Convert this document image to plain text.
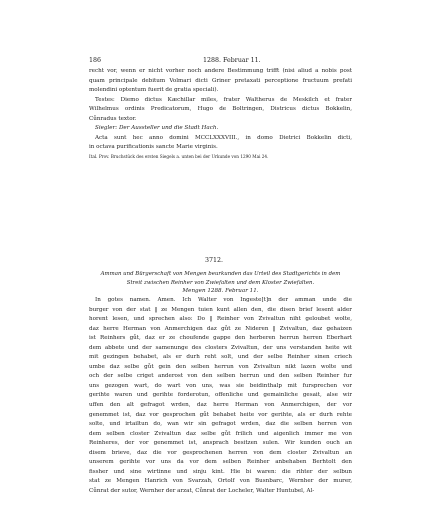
186	1288. Februar 11.
recht vor, wenn er nicht vorher noch andere Bestimmung trifft (nisi aliud a nobis post
quam principale debitum Volmari dicti Griner pretaxati perceptione fructuum prefati
molendini optentum fuerit de gratia speciali).
Testes: Diemo dictus Kæchillar miles, frater Waltherus de Meskilch et frater
Wilhelmus ordinis Predicatorum, Hugo de Boltringen, Districus dictus Bokkelin,
Cůnradus textor.
Siegler: Der Aussteller und die Stadt Hach.
Acta sunt hec anno domini MCCLXXXVIII., in domo Dietrici Bokkelin dicti,
in octava purificationis sancte Marie virginis.
Ital. Prov. Bruchstück des ersten Siegels a. unten bei der Urkunde von 1290 Mai 24.
3712.
Amman und Bürgerschaft von Mengen beurkunden das Urteil des Stadtgerichts in dem
Streit zwischen Reinher von Zwiefalten und dem Kloster Zwiefalten.
Mengen 1288. Februar 11.
In gotes namen. Amen. Ich Walter von Ingeste[t]n der amman unde die
burger von der stat ‖ ze Mengen tuien kunt allen den, die disen brief lesent alder
horent lesen, und sprechen also: Do ‖ Reinher von Zvivaltun niht geloubet wolte,
daz herre Herman von Anmerchigen daz gůt ze Nideren ‖ Zvivaltun, daz gehaizen
ist Reinhers gůt, daz er ze choufende gappe den herberen herrun herren Eberhart
dem abbete und der samenunge des closters Zvivaltun, der uns verstanden heite wit
mit gezingen behabet, als er durh reht solt, und der selbe Reinher sinen criech
umbe daz selbe gůt gein den selben herrun von Zvivaltun nikt lazen wolte und
och der selbe criget anderost von den selben herrun und den selben Reinher fur
uns gezogen wart, do wart von uns, was sie beidinthalp mit fursprechen vor
gerihte waren und gerihte forderotun, offenliche und gemainliche gesait, alse wir
uffen den alt gefragot wrden, daz herre Herman von Anmerchigen, der vor
genemmet ist, daz vor gesprochen gůt behabet heite vor gerihte, als er durh rehte
solte, und irtailtun do, wan wir sin gefragot wrden, daz die selben herren von
dem selben closter Zvivaltun daz selbe gůt frilich und aigenlich immer me von
Reinheres, der vor genemmet ist, ansprach besitzen sulen. Wir kunden ouch an
disem brieve, daz die vor gesprochenen herren von dem closter Zvivaltun an
unserem gerihte vor uns da vor dem selben Reinher anbehaben Berhtolt den
fissher und sine wirtinne und sinju kint. Hie bi waren: die rihter der selbun
stat ze Mengen Hanrich von Svarzah, Ortolf von Busnbarc, Wernher der murer,
Cůnrat der sutor, Wernher der arzat, Cůnrat der Locheler, Walter Huntubel, Al-
